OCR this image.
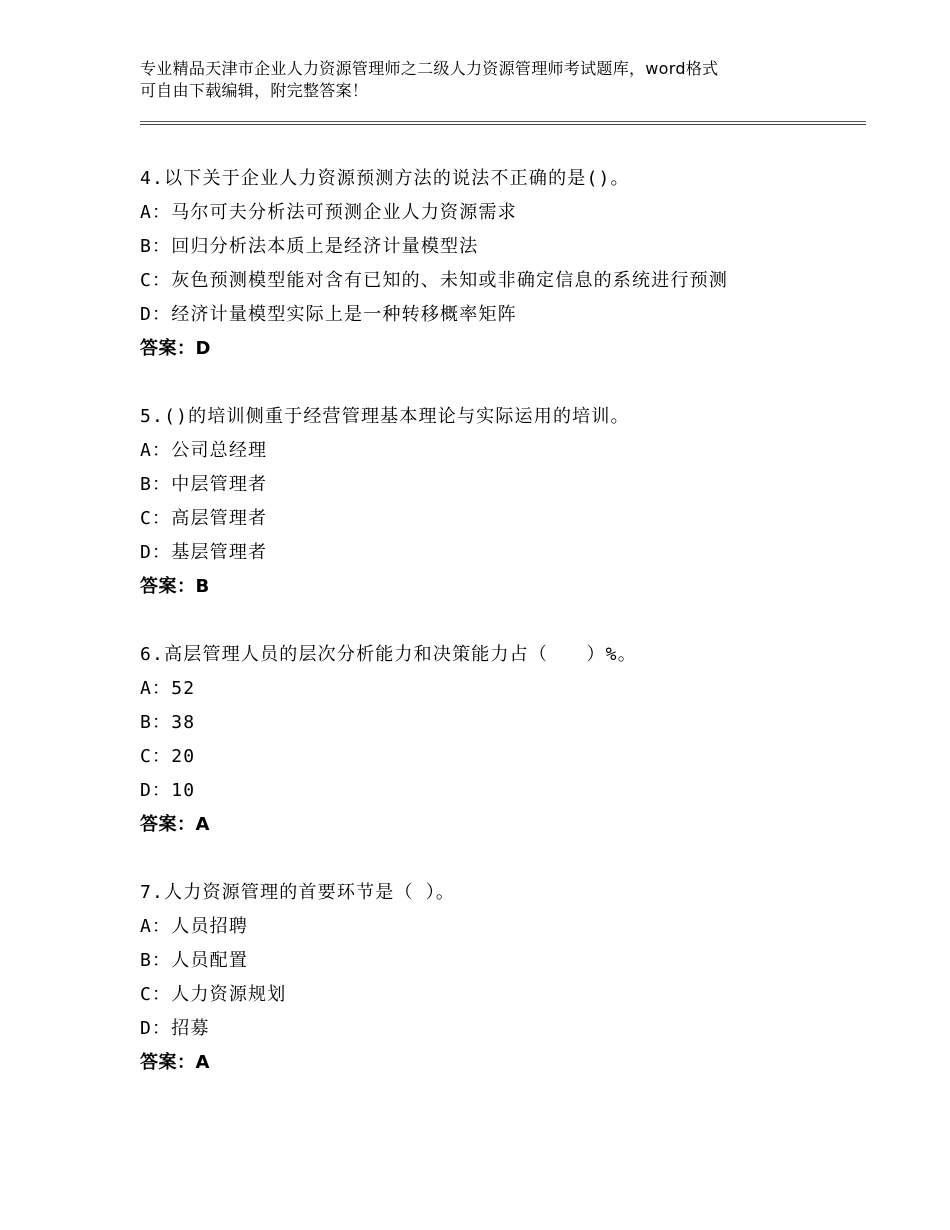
专业精品天津市企业人力资源管理师之二级人力资源管理师考试题库，word格式
可自由下载编辑，附完整答案！
4.以下关于企业人力资源预测方法的说法不正确的是()。
A：马尔可夫分析法可预测企业人力资源需求
B：回归分析法本质上是经济计量模型法
C：灰色预测模型能对含有已知的、未知或非确定信息的系统进行预测
D：经济计量模型实际上是一种转移概率矩阵
答案：D
5.()的培训侧重于经营管理基本理论与实际运用的培训。
A：公司总经理
B：中层管理者
C：高层管理者
D：基层管理者
答案：B
6.高层管理人员的层次分析能力和决策能力占（　　）%。
A：52
B：38
C：20
D：10
答案：A
7.人力资源管理的首要环节是（ ）。
A：人员招聘
B：人员配置
C：人力资源规划
D：招募
答案：A
